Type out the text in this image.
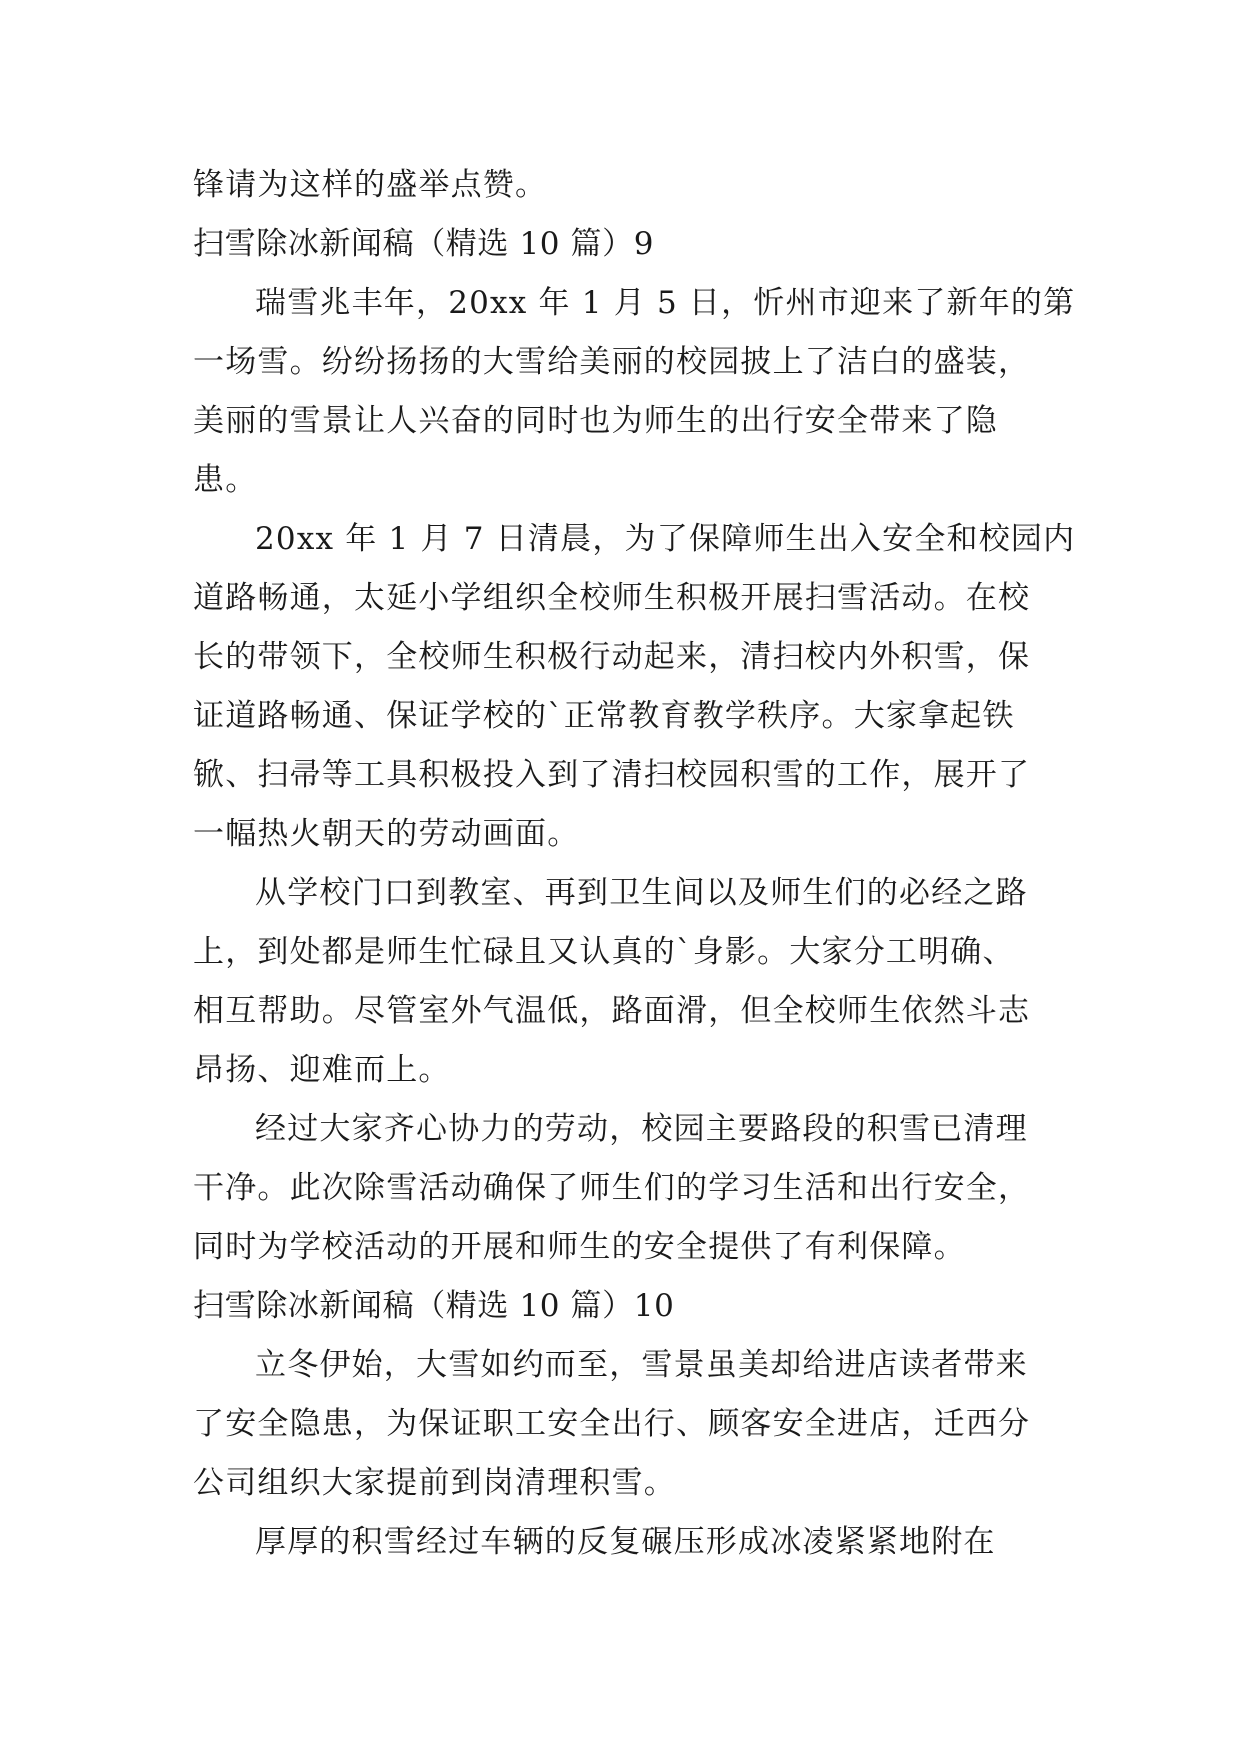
锋请为这样的盛举点赞。
扫雪除冰新闻稿（精选 10 篇）9
瑞雪兆丰年，20xx 年 1 月 5 日，忻州市迎来了新年的第
一场雪。纷纷扬扬的大雪给美丽的校园披上了洁白的盛装，
美丽的雪景让人兴奋的同时也为师生的出行安全带来了隐
患。
20xx 年 1 月 7 日清晨，为了保障师生出入安全和校园内
道路畅通，太延小学组织全校师生积极开展扫雪活动。在校
长的带领下，全校师生积极行动起来，清扫校内外积雪，保
证道路畅通、保证学校的`正常教育教学秩序。大家拿起铁
锨、扫帚等工具积极投入到了清扫校园积雪的工作，展开了
一幅热火朝天的劳动画面。
从学校门口到教室、再到卫生间以及师生们的必经之路
上，到处都是师生忙碌且又认真的`身影。大家分工明确、
相互帮助。尽管室外气温低，路面滑，但全校师生依然斗志
昂扬、迎难而上。
经过大家齐心协力的劳动，校园主要路段的积雪已清理
干净。此次除雪活动确保了师生们的学习生活和出行安全，
同时为学校活动的开展和师生的安全提供了有利保障。
扫雪除冰新闻稿（精选 10 篇）10
立冬伊始，大雪如约而至，雪景虽美却给进店读者带来
了安全隐患，为保证职工安全出行、顾客安全进店，迁西分
公司组织大家提前到岗清理积雪。
厚厚的积雪经过车辆的反复碾压形成冰凌紧紧地附在
